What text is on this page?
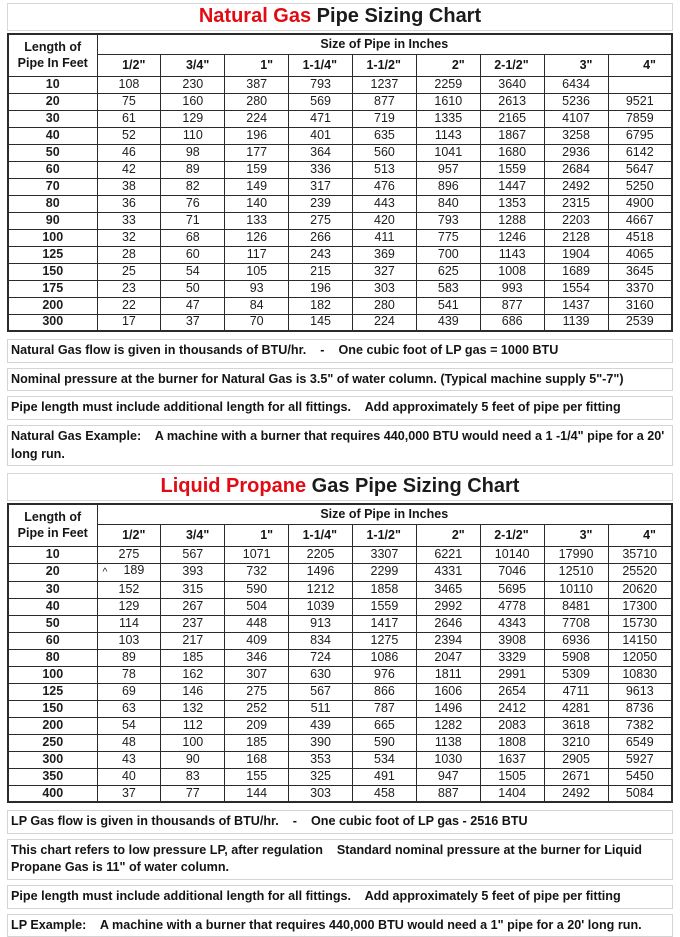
Natural Gas Pipe Sizing Chart
Length of
Pipe In Feet	Size of Pipe in Inches								
	1/2"	3/4"	1"	1-1/4"	1-1/2"	2"	2-1/2"	3"	4"
10	108	230	387	793	1237	2259	3640	6434	
20	75	160	280	569	877	1610	2613	5236	9521
30	61	129	224	471	719	1335	2165	4107	7859
40	52	110	196	401	635	1143	1867	3258	6795
50	46	98	177	364	560	1041	1680	2936	6142
60	42	89	159	336	513	957	1559	2684	5647
70	38	82	149	317	476	896	1447	2492	5250
80	36	76	140	239	443	840	1353	2315	4900
90	33	71	133	275	420	793	1288	2203	4667
100	32	68	126	266	411	775	1246	2128	4518
125	28	60	117	243	369	700	1143	1904	4065
150	25	54	105	215	327	625	1008	1689	3645
175	23	50	93	196	303	583	993	1554	3370
200	22	47	84	182	280	541	877	1437	3160
300	17	37	70	145	224	439	686	1139	2539
Natural Gas flow is given in thousands of BTU/hr.    -    One cubic foot of LP gas = 1000 BTU
Nominal pressure at the burner for Natural Gas is 3.5" of water column. (Typical machine supply 5"-7")
Pipe length must include additional length for all fittings.    Add approximately 5 feet of pipe per fitting
Natural Gas Example:    A machine with a burner that requires 440,000 BTU would need a 1 -1/4" pipe for a 20' long run.
Liquid Propane Gas Pipe Sizing Chart
Length of
Pipe in Feet	Size of Pipe in Inches								
	1/2"	3/4"	1"	1-1/4"	1-1/2"	2"	2-1/2"	3"	4"
10	275	567	1071	2205	3307	6221	10140	17990	35710
20	^ 189	393	732	1496	2299	4331	7046	12510	25520
30	152	315	590	1212	1858	3465	5695	10110	20620
40	129	267	504	1039	1559	2992	4778	8481	17300
50	114	237	448	913	1417	2646	4343	7708	15730
60	103	217	409	834	1275	2394	3908	6936	14150
80	89	185	346	724	1086	2047	3329	5908	12050
100	78	162	307	630	976	1811	2991	5309	10830
125	69	146	275	567	866	1606	2654	4711	9613
150	63	132	252	511	787	1496	2412	4281	8736
200	54	112	209	439	665	1282	2083	3618	7382
250	48	100	185	390	590	1138	1808	3210	6549
300	43	90	168	353	534	1030	1637	2905	5927
350	40	83	155	325	491	947	1505	2671	5450
400	37	77	144	303	458	887	1404	2492	5084
LP Gas flow is given in thousands of BTU/hr.    -    One cubic foot of LP gas - 2516 BTU
This chart refers to low pressure LP, after regulation    Standard nominal pressure at the burner for Liquid Propane Gas is 11" of water column.
Pipe length must include additional length for all fittings.    Add approximately 5 feet of pipe per fitting
LP Example:    A machine with a burner that requires 440,000 BTU would need a 1" pipe for a 20' long run.
